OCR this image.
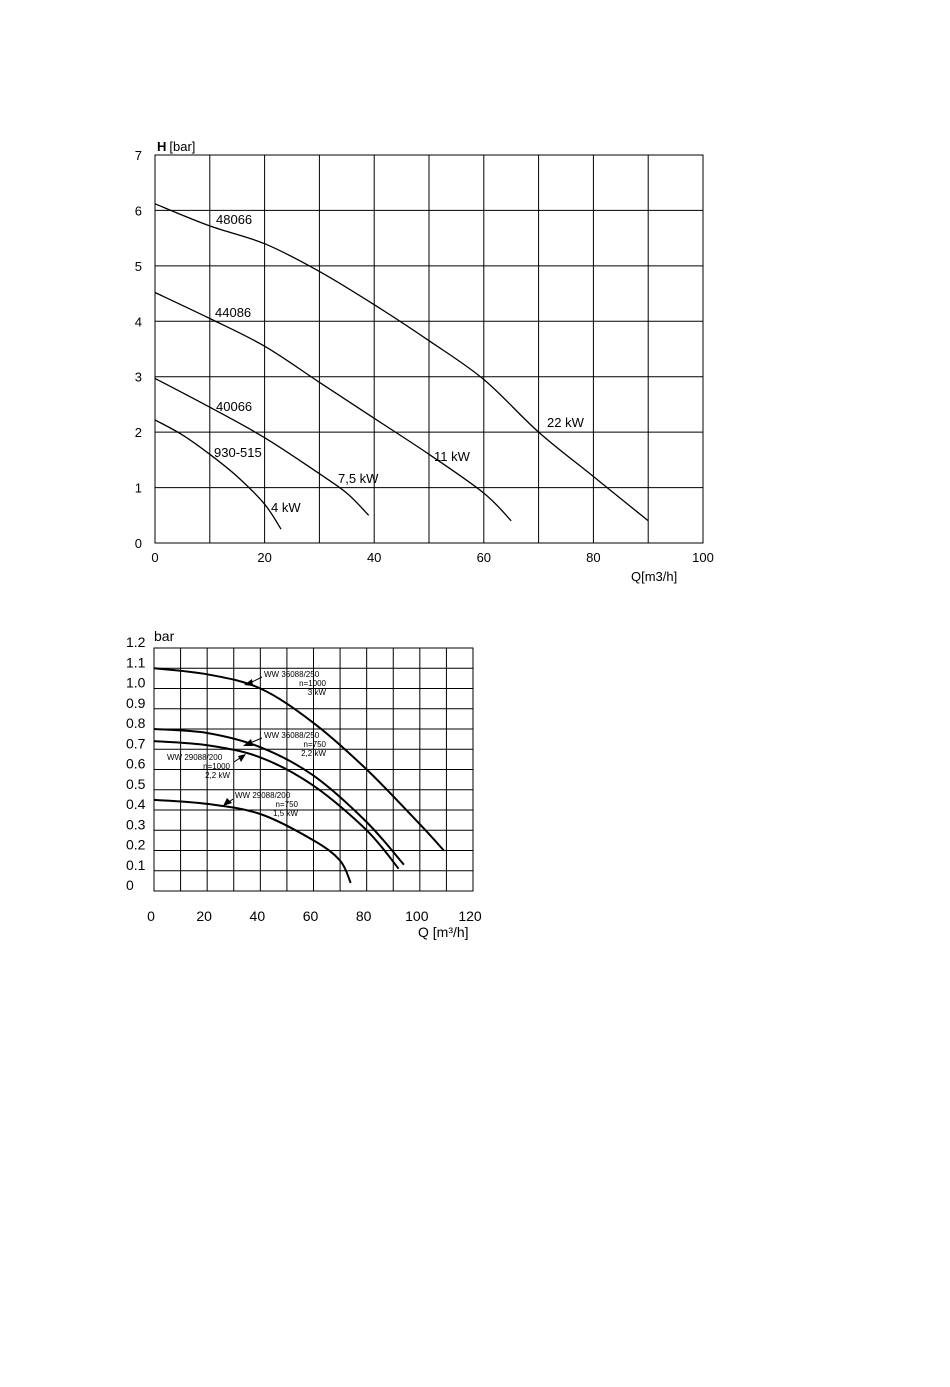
0	20	40	60	80	100
0
1
2
3
4
5
6
7
H [bar]
Q[m3/h]
48066
22 kW
44086
11 kW
40066
7,5 kW
930-515
4 kW
0	20	40	60	80 100 120
0
0.1
0.2
0.3
0.4
0.5
0.6
0.7
0.8
0.9
1.0
1.1
1.2 bar
Q [m³/h]
WW 36088/250
n=1000
3 kW
WW 36088/250
n=750
2,2 kW
WW 29088/200
n=1000
2,2 kW
WW 29088/200
n=750
1,5 kW
